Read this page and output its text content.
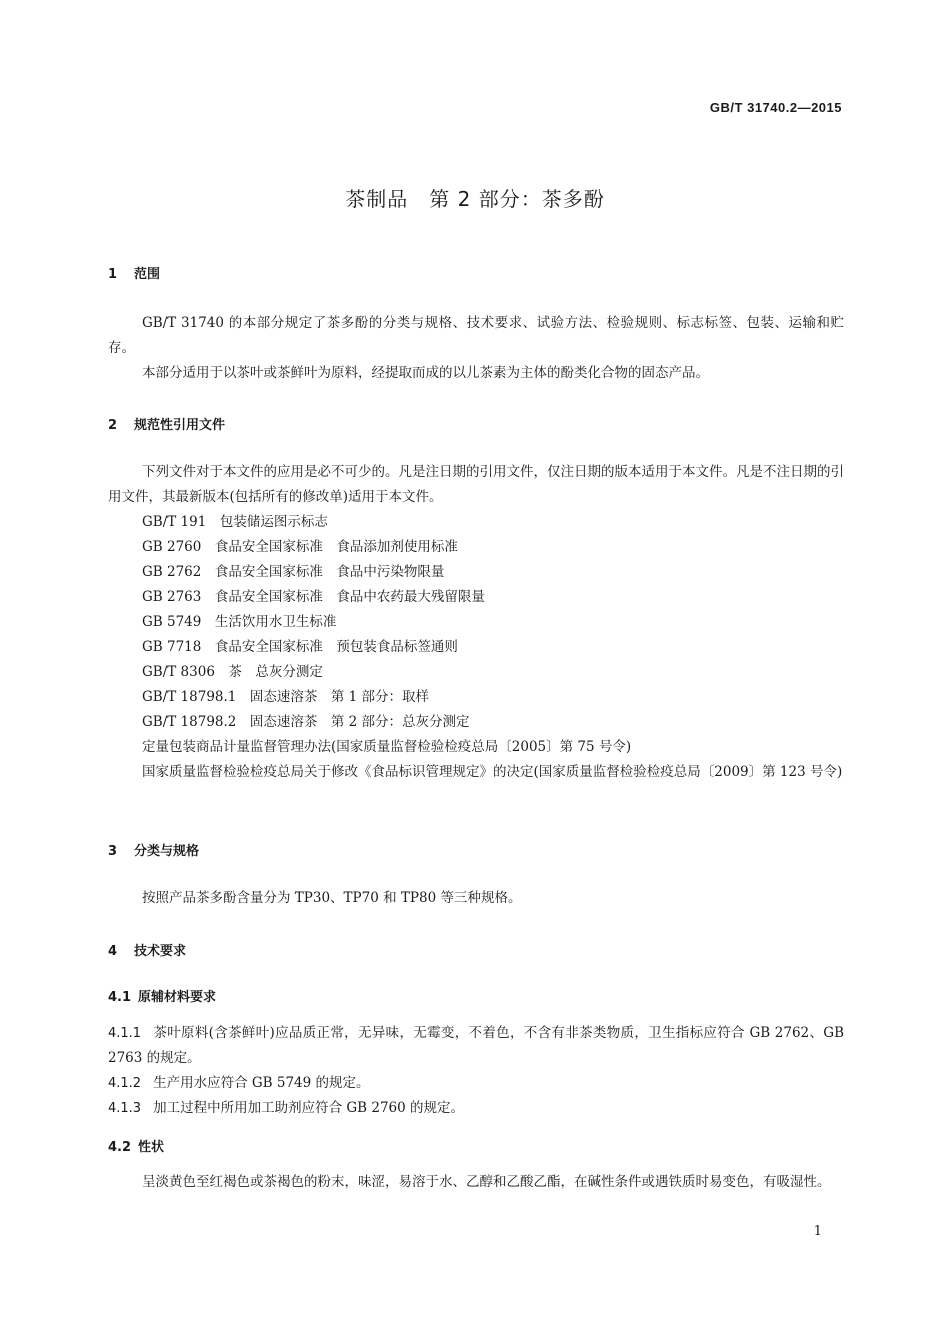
GB/T 31740.2—2015
茶制品　第 2 部分：茶多酚
1 范围
GB/T 31740 的本部分规定了茶多酚的分类与规格、技术要求、试验方法、检验规则、标志标签、包装、运输和贮存。
本部分适用于以茶叶或茶鲜叶为原料，经提取而成的以儿茶素为主体的酚类化合物的固态产品。
2 规范性引用文件
下列文件对于本文件的应用是必不可少的。凡是注日期的引用文件，仅注日期的版本适用于本文件。凡是不注日期的引用文件，其最新版本(包括所有的修改单)适用于本文件。
GB/T 191　包装储运图示标志
GB 2760　食品安全国家标准　食品添加剂使用标准
GB 2762　食品安全国家标准　食品中污染物限量
GB 2763　食品安全国家标准　食品中农药最大残留限量
GB 5749　生活饮用水卫生标准
GB 7718　食品安全国家标准　预包装食品标签通则
GB/T 8306　茶　总灰分测定
GB/T 18798.1　固态速溶茶　第 1 部分：取样
GB/T 18798.2　固态速溶茶　第 2 部分：总灰分测定
定量包装商品计量监督管理办法(国家质量监督检验检疫总局〔2005〕第 75 号令)
国家质量监督检验检疫总局关于修改《食品标识管理规定》的决定(国家质量监督检验检疫总局〔2009〕第 123 号令)
3 分类与规格
按照产品茶多酚含量分为 TP30、TP70 和 TP80 等三种规格。
4 技术要求
4.1 原辅材料要求
4.1.1 茶叶原料(含茶鲜叶)应品质正常，无异味，无霉变，不着色，不含有非茶类物质，卫生指标应符合 GB 2762、GB 2763 的规定。
4.1.2 生产用水应符合 GB 5749 的规定。
4.1.3 加工过程中所用加工助剂应符合 GB 2760 的规定。
4.2 性状
呈淡黄色至红褐色或茶褐色的粉末，味涩，易溶于水、乙醇和乙酸乙酯，在碱性条件或遇铁质时易变色，有吸湿性。
1
